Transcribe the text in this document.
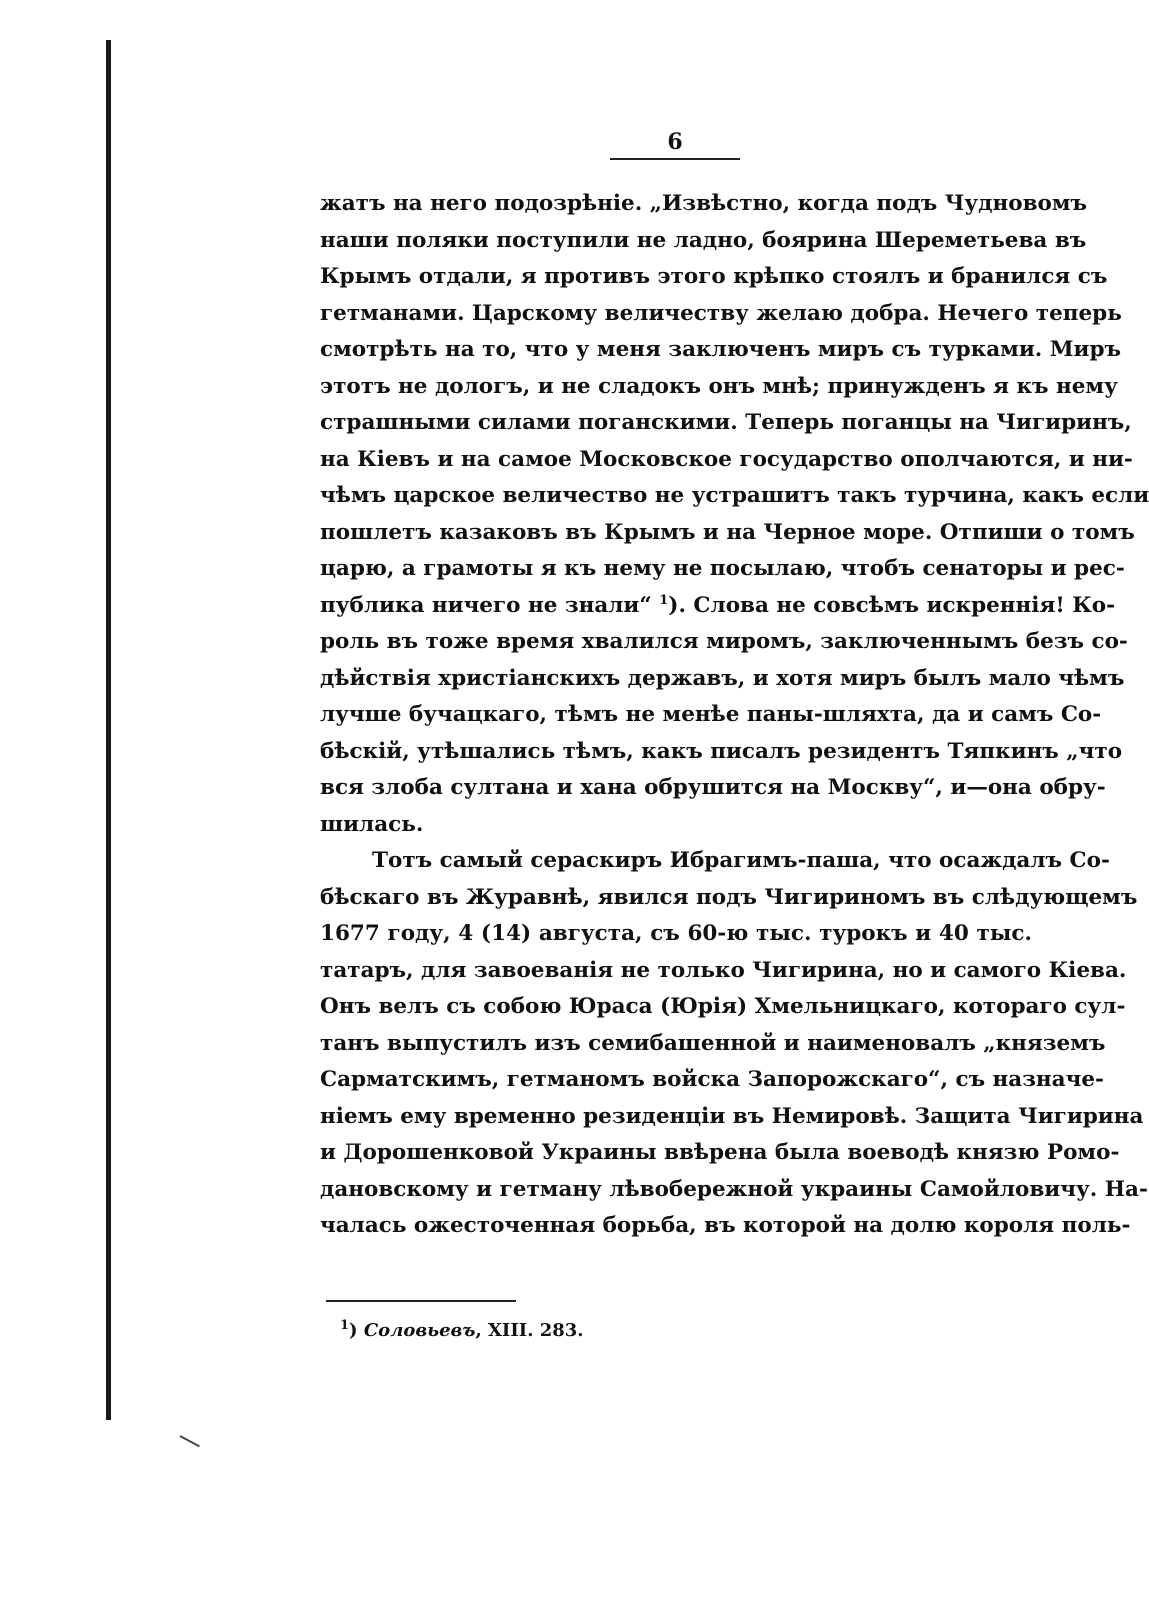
6
жатъ на него подозрѣніе. „Извѣстно, когда подъ Чудновомъ
наши поляки поступили не ладно, боярина Шереметьева въ
Крымъ отдали, я противъ этого крѣпко стоялъ и бранился съ
гетманами. Царскому величеству желаю добра. Нечего теперь
смотрѣть на то, что у меня заключенъ миръ съ турками. Миръ
этотъ не дологъ, и не сладокъ онъ мнѣ; принужденъ я къ нему
страшными силами поганскими. Теперь поганцы на Чигиринъ,
на Кіевъ и на самое Московское государство ополчаются, и ни-
чѣмъ царское величество не устрашитъ такъ турчина, какъ если
пошлетъ казаковъ въ Крымъ и на Черное море. Отпиши о томъ
царю, а грамоты я къ нему не посылаю, чтобъ сенаторы и рес-
публика ничего не знали“ $^1$). Слова не совсѣмъ искреннія! Ко-
роль въ тоже время хвалился миромъ, заключеннымъ безъ со-
дѣйствія христіанскихъ державъ, и хотя миръ былъ мало чѣмъ
лучше бучацкаго, тѣмъ не менѣе паны-шляхта, да и самъ Со-
бѣскій, утѣшались тѣмъ, какъ писалъ резидентъ Тяпкинъ „что
вся злоба султана и хана обрушится на Москву“, и—она обру-
шилась.
Тотъ самый сераскиръ Ибрагимъ-паша, что осаждалъ Со-
бѣскаго въ Журавнѣ, явился подъ Чигириномъ въ слѣдующемъ
1677 году, 4 (14) августа, съ 60-ю тыс. турокъ и 40 тыс.
татаръ, для завоеванія не только Чигирина, но и самого Кіева.
Онъ велъ съ собою Юраса (Юрія) Хмельницкаго, котораго сул-
танъ выпустилъ изъ семибашенной и наименовалъ „княземъ
Сарматскимъ, гетманомъ войска Запорожскаго“, съ назначе-
ніемъ ему временно резиденціи въ Немировѣ. Защита Чигирина
и Дорошенковой Украины ввѣрена была воеводѣ князю Ромо-
дановскому и гетману лѣвобережной украины Самойловичу. На-
чалась ожесточенная борьба, въ которой на долю короля поль-
$^1$) Соловьевъ, XIII. 283.
